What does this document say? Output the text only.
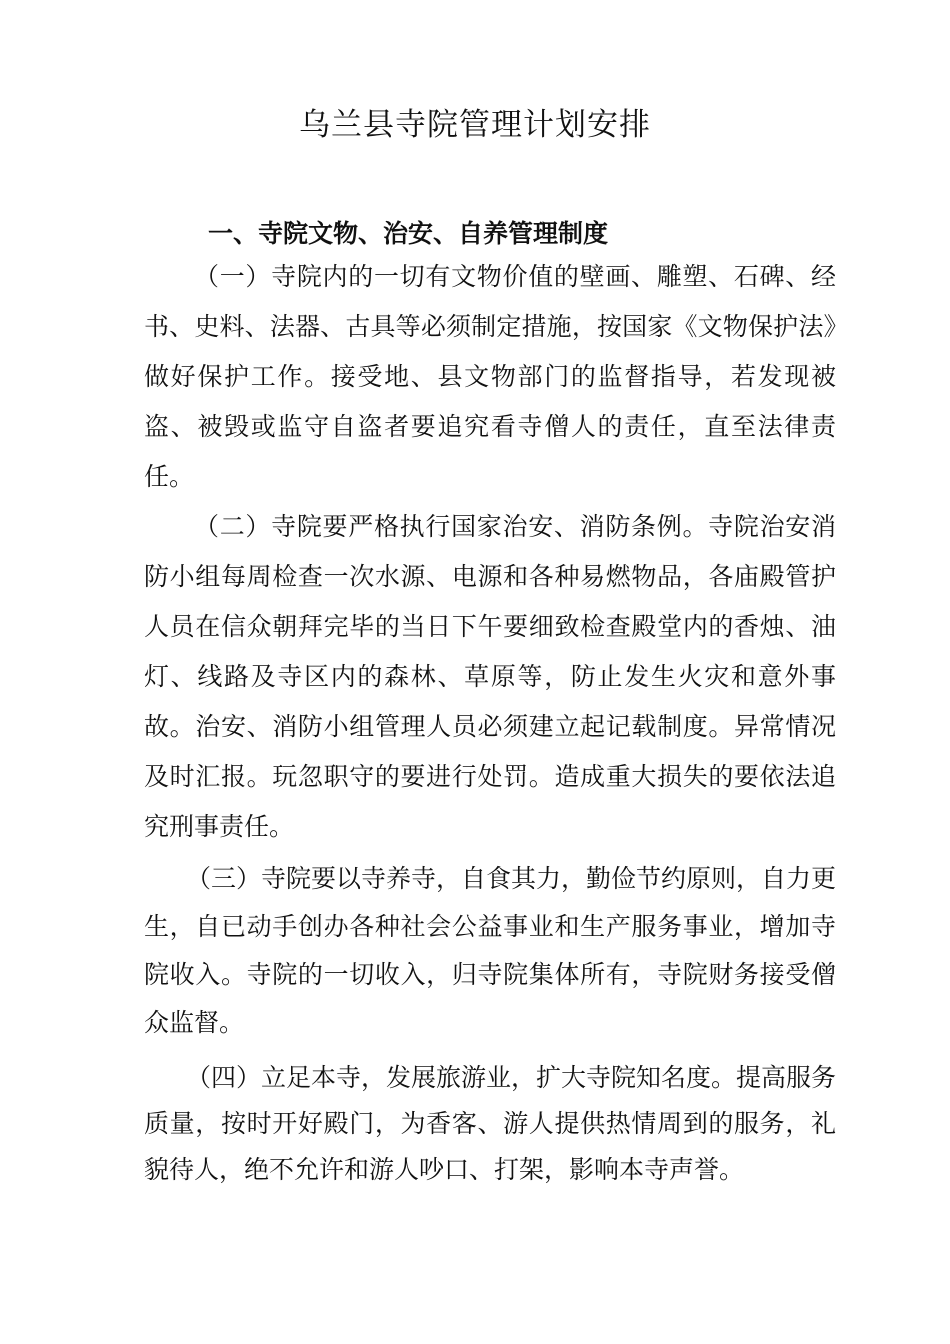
乌兰县寺院管理计划安排
一、寺院文物、治安、自养管理制度

（一）寺院内的一切有文物价值的壁画、雕塑、石碑、经书、史料、法器、古具等必须制定措施，按国家《文物保护法》做好保护工作。接受地、县文物部门的监督指导，若发现被盗、被毁或监守自盗者要追究看寺僧人的责任，直至法律责任。

（二）寺院要严格执行国家治安、消防条例。寺院治安消防小组每周检查一次水源、电源和各种易燃物品，各庙殿管护人员在信众朝拜完毕的当日下午要细致检查殿堂内的香烛、油灯、线路及寺区内的森林、草原等，防止发生火灾和意外事故。治安、消防小组管理人员必须建立起记载制度。异常情况及时汇报。玩忽职守的要进行处罚。造成重大损失的要依法追究刑事责任。

（三）寺院要以寺养寺，自食其力，勤俭节约原则，自力更生，自已动手创办各种社会公益事业和生产服务事业，增加寺院收入。寺院的一切收入，归寺院集体所有，寺院财务接受僧众监督。

（四）立足本寺，发展旅游业，扩大寺院知名度。提高服务质量，按时开好殿门，为香客、游人提供热情周到的服务，礼貌待人，绝不允许和游人吵口、打架，影响本寺声誉。
